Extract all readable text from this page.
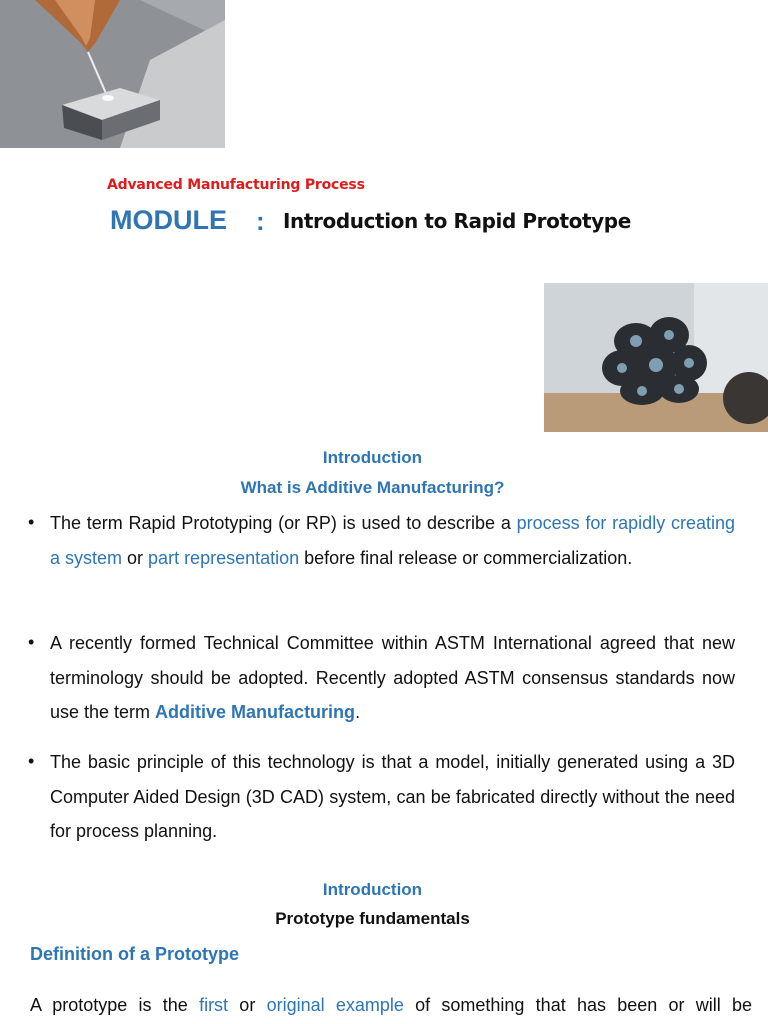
Advanced Manufacturing Process
MODULE : Introduction to Rapid Prototype
Introduction
What is Additive Manufacturing?
• The term Rapid Prototyping (or RP) is used to describe a process for rapidly creating a system or part representation before final release or commercialization.
• A recently formed Technical Committee within ASTM International agreed that new terminology should be adopted. Recently adopted ASTM consensus standards now use the term Additive Manufacturing.
• The basic principle of this technology is that a model, initially generated using a 3D Computer Aided Design (3D CAD) system, can be fabricated directly without the need for process planning.
Introduction
Prototype fundamentals
Definition of a Prototype
A prototype is the first or original example of something that has been or will be
